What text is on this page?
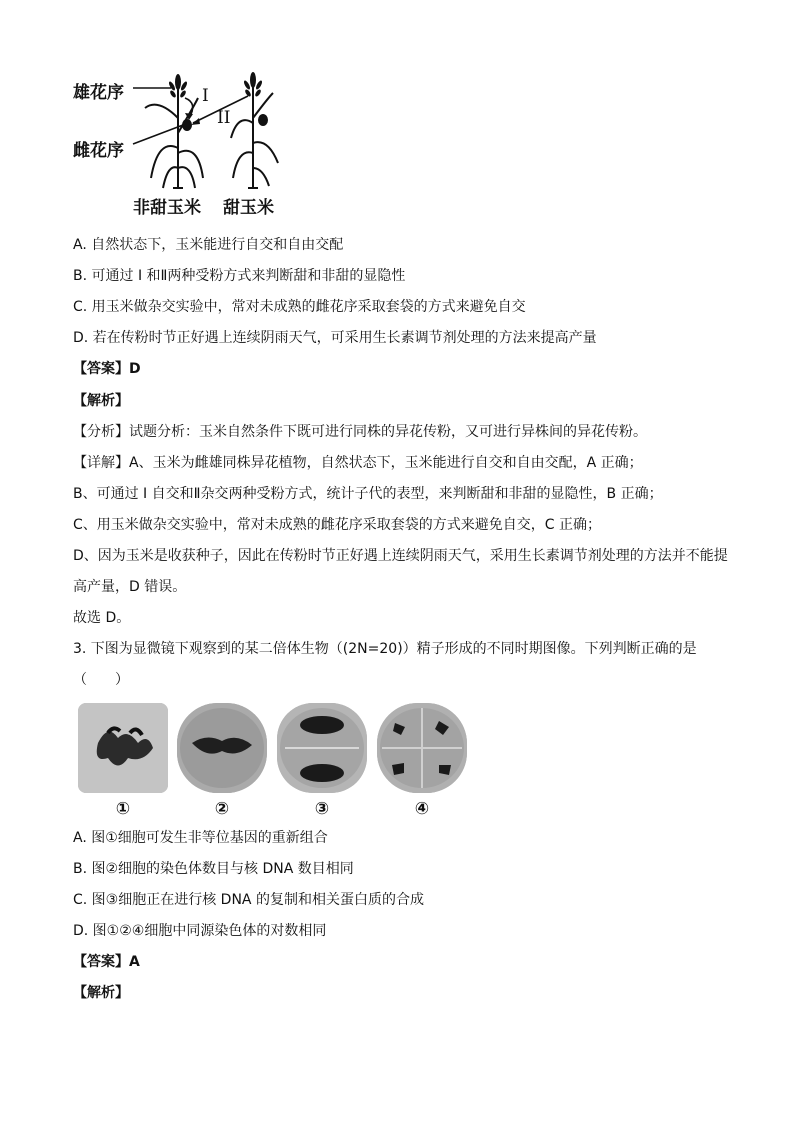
雄花序
雌花序
I
II
非甜玉米 甜玉米
A. 自然状态下，玉米能进行自交和自由交配
B. 可通过 I 和Ⅱ两种受粉方式来判断甜和非甜的显隐性
C. 用玉米做杂交实验中，常对未成熟的雌花序采取套袋的方式来避免自交
D. 若在传粉时节正好遇上连续阴雨天气，可采用生长素调节剂处理的方法来提高产量
【答案】D
【解析】
【分析】试题分析：玉米自然条件下既可进行同株的异花传粉，又可进行异株间的异花传粉。
【详解】A、玉米为雌雄同株异花植物，自然状态下，玉米能进行自交和自由交配，A 正确；
B、可通过 I 自交和Ⅱ杂交两种受粉方式，统计子代的表型，来判断甜和非甜的显隐性，B 正确；
C、用玉米做杂交实验中，常对未成熟的雌花序采取套袋的方式来避免自交，C 正确；
D、因为玉米是收获种子，因此在传粉时节正好遇上连续阴雨天气，采用生长素调节剂处理的方法并不能提
高产量，D 错误。
故选 D。
3. 下图为显微镜下观察到的某二倍体生物（(2N=20)）精子形成的不同时期图像。下列判断正确的是
（　　）
①	②	③	④
A. 图①细胞可发生非等位基因的重新组合
B. 图②细胞的染色体数目与核 DNA 数目相同
C. 图③细胞正在进行核 DNA 的复制和相关蛋白质的合成
D. 图①②④细胞中同源染色体的对数相同
【答案】A
【解析】
